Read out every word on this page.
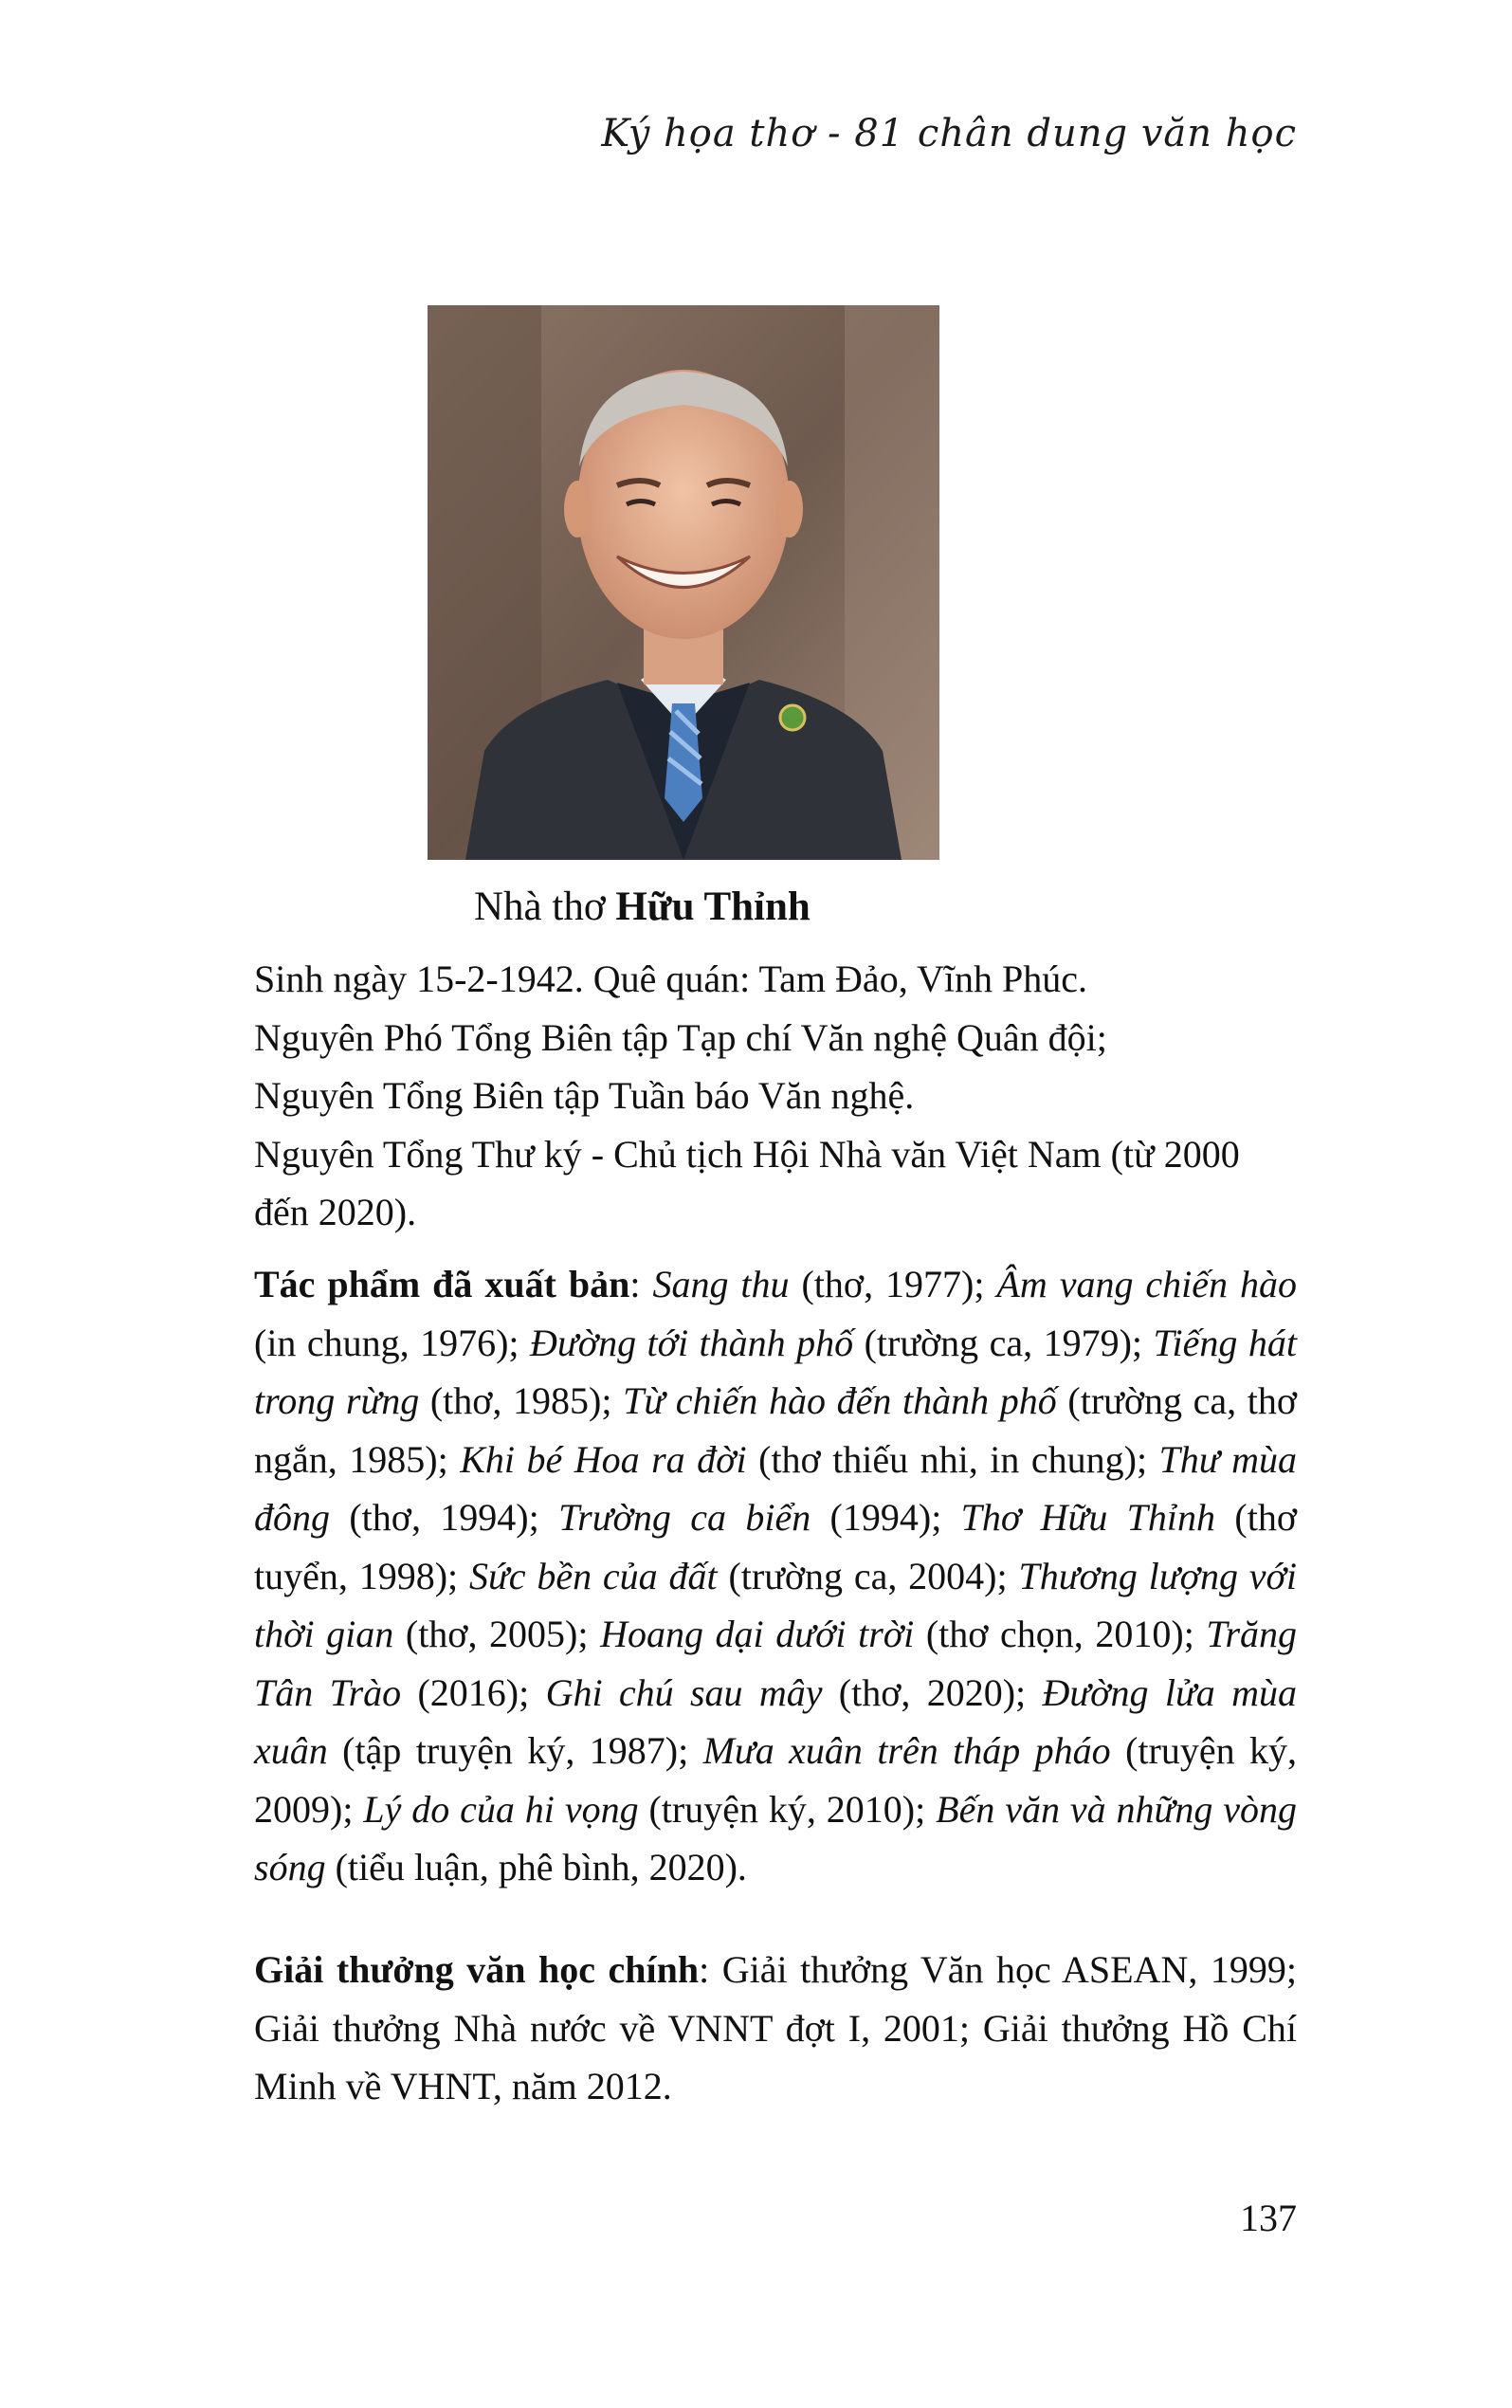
Ký họa thơ - 81 chân dung văn học
Nhà thơ Hữu Thỉnh

Sinh ngày 15-2-1942. Quê quán: Tam Đảo, Vĩnh Phúc.

Nguyên Phó Tổng Biên tập Tạp chí Văn nghệ Quân đội;

Nguyên Tổng Biên tập Tuần báo Văn nghệ.

Nguyên Tổng Thư ký - Chủ tịch Hội Nhà văn Việt Nam (từ 2000 đến 2020).

Tác phẩm đã xuất bản: Sang thu (thơ, 1977); Âm vang chiến hào (in chung, 1976); Đường tới thành phố (trường ca, 1979); Tiếng hát trong rừng (thơ, 1985); Từ chiến hào đến thành phố (trường ca, thơ ngắn, 1985); Khi bé Hoa ra đời (thơ thiếu nhi, in chung); Thư mùa đông (thơ, 1994); Trường ca biển (1994); Thơ Hữu Thỉnh (thơ tuyển, 1998); Sức bền của đất (trường ca, 2004); Thương lượng với thời gian (thơ, 2005); Hoang dại dưới trời (thơ chọn, 2010); Trăng Tân Trào (2016); Ghi chú sau mây (thơ, 2020); Đường lửa mùa xuân (tập truyện ký, 1987); Mưa xuân trên tháp pháo (truyện ký, 2009); Lý do của hi vọng (truyện ký, 2010); Bến văn và những vòng sóng (tiểu luận, phê bình, 2020).

Giải thưởng văn học chính: Giải thưởng Văn học ASEAN, 1999; Giải thưởng Nhà nước về VNNT đợt I, 2001; Giải thưởng Hồ Chí Minh về VHNT, năm 2012.

137
